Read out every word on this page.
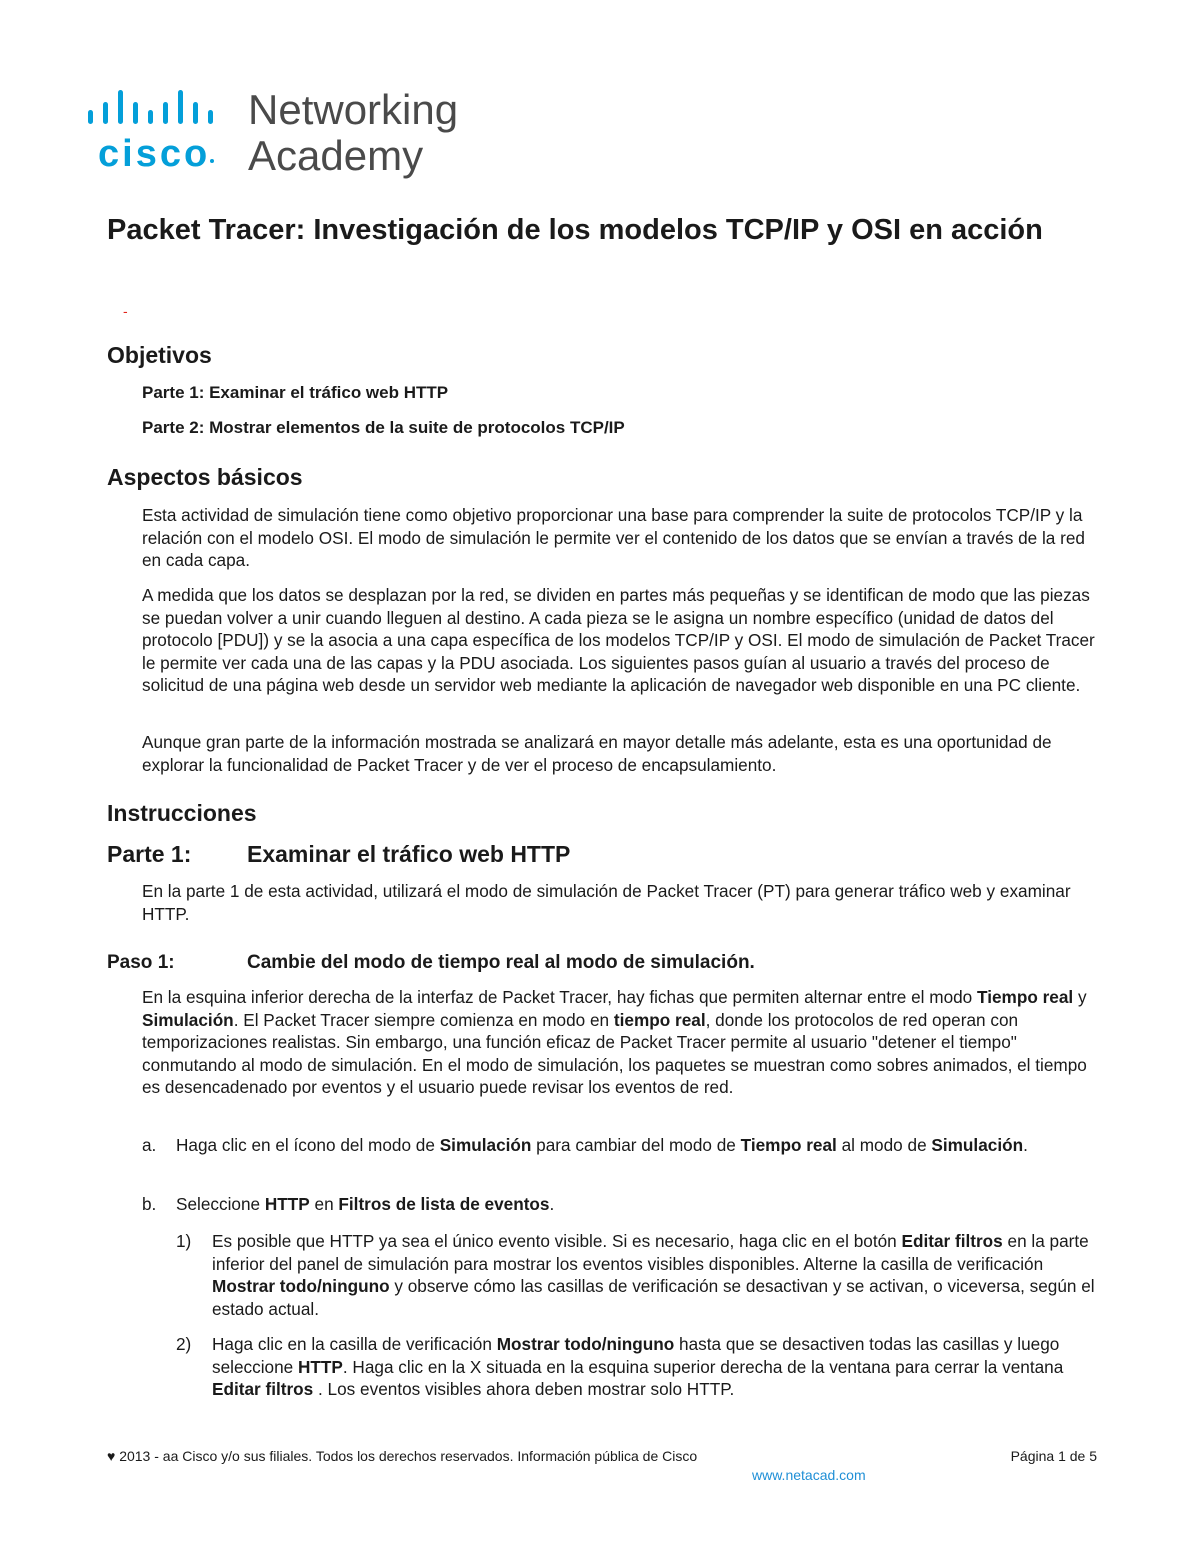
cisco
Networking
Academy
Packet Tracer: Investigación de los modelos TCP/IP y OSI en acción
-
Objetivos

Parte 1: Examinar el tráfico web HTTP

Parte 2: Mostrar elementos de la suite de protocolos TCP/IP

Aspectos básicos

Esta actividad de simulación tiene como objetivo proporcionar una base para comprender la suite de protocolos TCP/IP y la relación con el modelo OSI. El modo de simulación le permite ver el contenido de los datos que se envían a través de la red en cada capa.

A medida que los datos se desplazan por la red, se dividen en partes más pequeñas y se identifican de modo que las piezas se puedan volver a unir cuando lleguen al destino. A cada pieza se le asigna un nombre específico (unidad de datos del protocolo [PDU]) y se la asocia a una capa específica de los modelos TCP/IP y OSI. El modo de simulación de Packet Tracer le permite ver cada una de las capas y la PDU asociada. Los siguientes pasos guían al usuario a través del proceso de solicitud de una página web desde un servidor web mediante la aplicación de navegador web disponible en una PC cliente.

Aunque gran parte de la información mostrada se analizará en mayor detalle más adelante, esta es una oportunidad de explorar la funcionalidad de Packet Tracer y de ver el proceso de encapsulamiento.

Instrucciones
Parte 1: Examinar el tráfico web HTTP

En la parte 1 de esta actividad, utilizará el modo de simulación de Packet Tracer (PT) para generar tráfico web y examinar HTTP.

Paso 1:	Cambie del modo de tiempo real al modo de simulación.

En la esquina inferior derecha de la interfaz de Packet Tracer, hay fichas que permiten alternar entre el modo Tiempo real y Simulación. El Packet Tracer siempre comienza en modo en tiempo real, donde los protocolos de red operan con temporizaciones realistas. Sin embargo, una función eficaz de Packet Tracer permite al usuario "detener el tiempo" conmutando al modo de simulación. En el modo de simulación, los paquetes se muestran como sobres animados, el tiempo es desencadenado por eventos y el usuario puede revisar los eventos de red.

a. Haga clic en el ícono del modo de Simulación para cambiar del modo de Tiempo real al modo de Simulación.
b. Seleccione HTTP en Filtros de lista de eventos.
1) Es posible que HTTP ya sea el único evento visible. Si es necesario, haga clic en el botón Editar filtros en la parte inferior del panel de simulación para mostrar los eventos visibles disponibles. Alterne la casilla de verificación Mostrar todo/ninguno y observe cómo las casillas de verificación se desactivan y se activan, o viceversa, según el estado actual.
2) Haga clic en la casilla de verificación Mostrar todo/ninguno hasta que se desactiven todas las casillas y luego seleccione HTTP. Haga clic en la X situada en la esquina superior derecha de la ventana para cerrar la ventana Editar filtros . Los eventos visibles ahora deben mostrar solo HTTP.
♥ 2013 - aa Cisco y/o sus filiales. Todos los derechos reservados. Información pública de Cisco	Página 1 de 5
www.netacad.com
